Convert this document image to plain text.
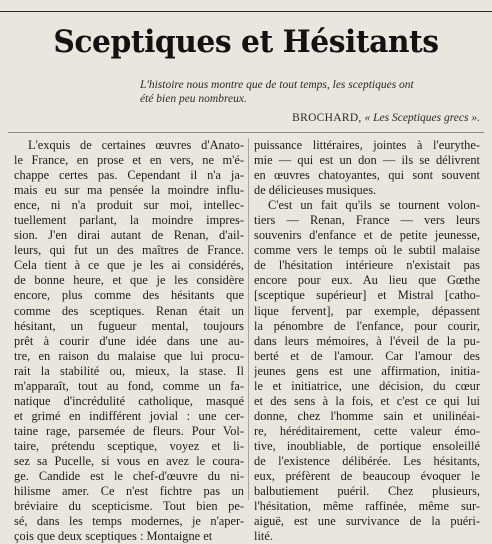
Sceptiques et Hésitants
L'histoire nous montre que de tout temps, les sceptiques ont
été bien peu nombreux.
BROCHARD, « Les Sceptiques grecs ».
L'exquis de certaines œuvres d'Anato-
le France, en prose et en vers, ne m'é-
chappe certes pas. Cependant il n'a ja-
mais eu sur ma pensée la moindre influ-
ence, ni n'a produit sur moi, intellec-
tuellement parlant, la moindre impres-
sion. J'en dirai autant de Renan, d'ail-
leurs, qui fut un des maîtres de France.
Cela tient à ce que je les ai considérés,
de bonne heure, et que je les considère
encore, plus comme des hésitants que
comme des sceptiques. Renan était un
hésitant, un fugueur mental, toujours
prêt à courir d'une idée dans une au-
tre, en raison du malaise que lui procu-
rait la stabilité ou, mieux, la stase. Il
m'apparaît, tout au fond, comme un fa-
natique d'incrédulité catholique, masqué
et grimé en indifférent jovial : une cer-
taine rage, parsemée de fleurs. Pour Vol-
taire, prétendu sceptique, voyez et li-
sez sa Pucelle, si vous en avez le coura-
ge. Candide est le chef-d'œuvre du ni-
hilisme amer. Ce n'est fichtre pas un
bréviaire du scepticisme. Tout bien pe-
sé, dans les temps modernes, je n'aper-
çois que deux sceptiques : Montaigne et
puissance littéraires, jointes à l'eurythe-
mie — qui est un don — ils se délivrent
en œuvres chatoyantes, qui sont souvent
de délicieuses musiques.
C'est un fait qu'ils se tournent volon-
tiers — Renan, France — vers leurs
souvenirs d'enfance et de petite jeunesse,
comme vers le temps où le subtil malaise
de l'hésitation intérieure n'existait pas
encore pour eux. Au lieu que Gœthe
[sceptique supérieur] et Mistral [catho-
lique fervent], par exemple, dépassent
la pénombre de l'enfance, pour courir,
dans leurs mémoires, à l'éveil de la pu-
berté et de l'amour. Car l'amour des
jeunes gens est une affirmation, initia-
le et initiatrice, une décision, du cœur
et des sens à la fois, et c'est ce qui lui
donne, chez l'homme sain et unilinéai-
re, héréditairement, cette valeur émo-
tive, inoubliable, de portique ensoleillé
de l'existence délibérée. Les hésitants,
eux, préfèrent de beaucoup évoquer le
balbutiement puéril. Chez plusieurs,
l'hésitation, même raffinée, même sur-
aiguë, est une survivance de la puéri-
lité.
